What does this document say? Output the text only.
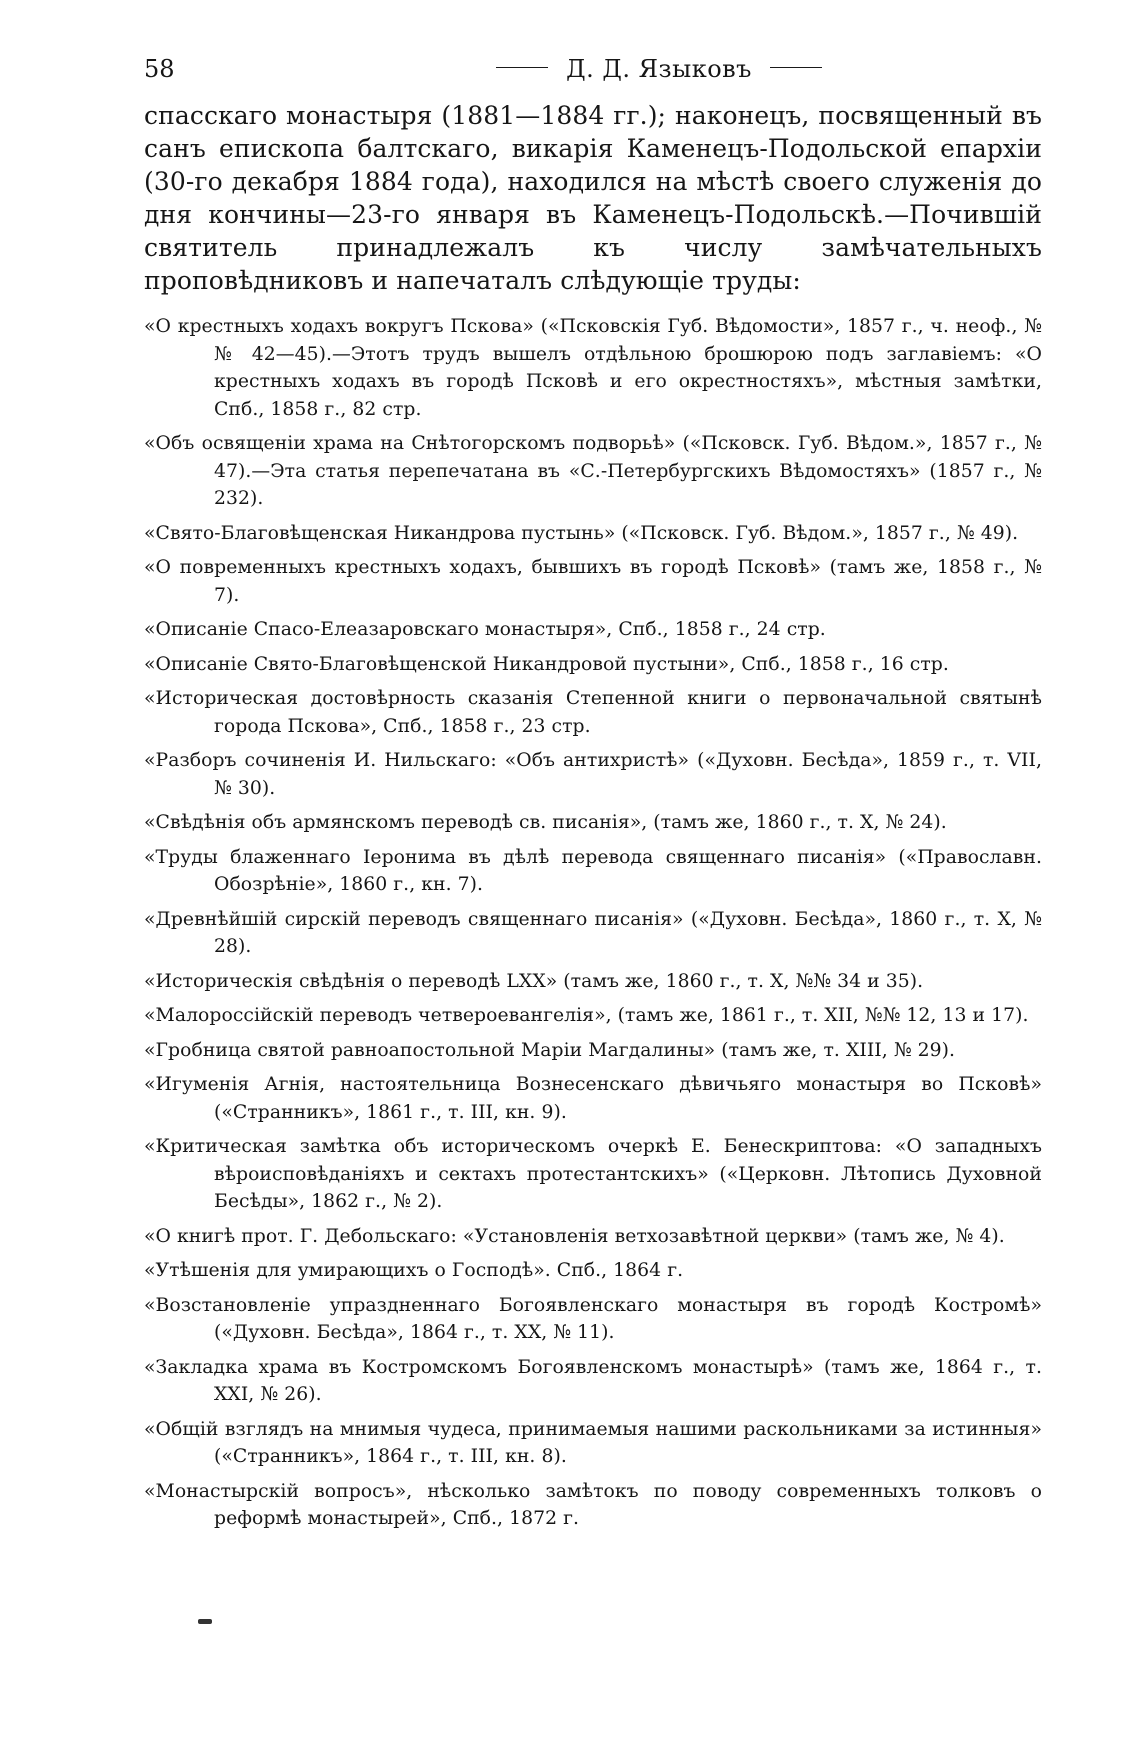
58	Д. Д. Языковъ

спасскаго монастыря (1881—1884 гг.); наконецъ, посвященный въ санъ епископа балтскаго, викарія Каменецъ-Подольской епархіи (30-го декабря 1884 года), находился на мѣстѣ своего служенія до дня кончины—23-го января въ Каменецъ-Подольскѣ.—Почившій святитель принадлежалъ къ числу замѣчательныхъ проповѣдниковъ и напечаталъ слѣдующіе труды:

«О крестныхъ ходахъ вокругъ Пскова» («Псковскія Губ. Вѣдомости», 1857 г., ч. неоф., №№ 42—45).—Этотъ трудъ вышелъ отдѣльною брошюрою подъ заглавіемъ: «О крестныхъ ходахъ въ городѣ Псковѣ и его окрестностяхъ», мѣстныя замѣтки, Спб., 1858 г., 82 стр.
«Объ освященіи храма на Снѣтогорскомъ подворьѣ» («Псковск. Губ. Вѣдом.», 1857 г., № 47).—Эта статья перепечатана въ «С.-Петербургскихъ Вѣдомостяхъ» (1857 г., № 232).
«Свято-Благовѣщенская Никандрова пустынь» («Псковск. Губ. Вѣдом.», 1857 г., № 49).
«О повременныхъ крестныхъ ходахъ, бывшихъ въ городѣ Псковѣ» (тамъ же, 1858 г., № 7).
«Описаніе Спасо-Елеазаровскаго монастыря», Спб., 1858 г., 24 стр.
«Описаніе Свято-Благовѣщенской Никандровой пустыни», Спб., 1858 г., 16 стр.
«Историческая достовѣрность сказанія Степенной книги о первоначальной святынѣ города Пскова», Спб., 1858 г., 23 стр.
«Разборъ сочиненія И. Нильскаго: «Объ антихристѣ» («Духовн. Бесѣда», 1859 г., т. VII, № 30).
«Свѣдѣнія объ армянскомъ переводѣ св. писанія», (тамъ же, 1860 г., т. X, № 24).
«Труды блаженнаго Іеронима въ дѣлѣ перевода священнаго писанія» («Православн. Обозрѣніе», 1860 г., кн. 7).
«Древнѣйшій сирскій переводъ священнаго писанія» («Духовн. Бесѣда», 1860 г., т. X, № 28).
«Историческія свѣдѣнія о переводѣ LXX» (тамъ же, 1860 г., т. X, №№ 34 и 35).
«Малороссійскій переводъ четвероевангелія», (тамъ же, 1861 г., т. XII, №№ 12, 13 и 17).
«Гробница святой равноапостольной Маріи Магдалины» (тамъ же, т. XIII, № 29).
«Игуменія Агнія, настоятельница Вознесенскаго дѣвичьяго монастыря во Псковѣ» («Странникъ», 1861 г., т. III, кн. 9).
«Критическая замѣтка объ историческомъ очеркѣ Е. Бенескриптова: «О западныхъ вѣроисповѣданіяхъ и сектахъ протестантскихъ» («Церковн. Лѣтопись Духовной Бесѣды», 1862 г., № 2).
«О книгѣ прот. Г. Дебольскаго: «Установленія ветхозавѣтной церкви» (тамъ же, № 4).
«Утѣшенія для умирающихъ о Господѣ». Спб., 1864 г.
«Возстановленіе упраздненнаго Богоявленскаго монастыря въ городѣ Костромѣ» («Духовн. Бесѣда», 1864 г., т. XX, № 11).
«Закладка храма въ Костромскомъ Богоявленскомъ монастырѣ» (тамъ же, 1864 г., т. XXI, № 26).
«Общій взглядъ на мнимыя чудеса, принимаемыя нашими раскольниками за истинныя» («Странникъ», 1864 г., т. III, кн. 8).
«Монастырскій вопросъ», нѣсколько замѣтокъ по поводу современныхъ толковъ о реформѣ монастырей», Спб., 1872 г.
